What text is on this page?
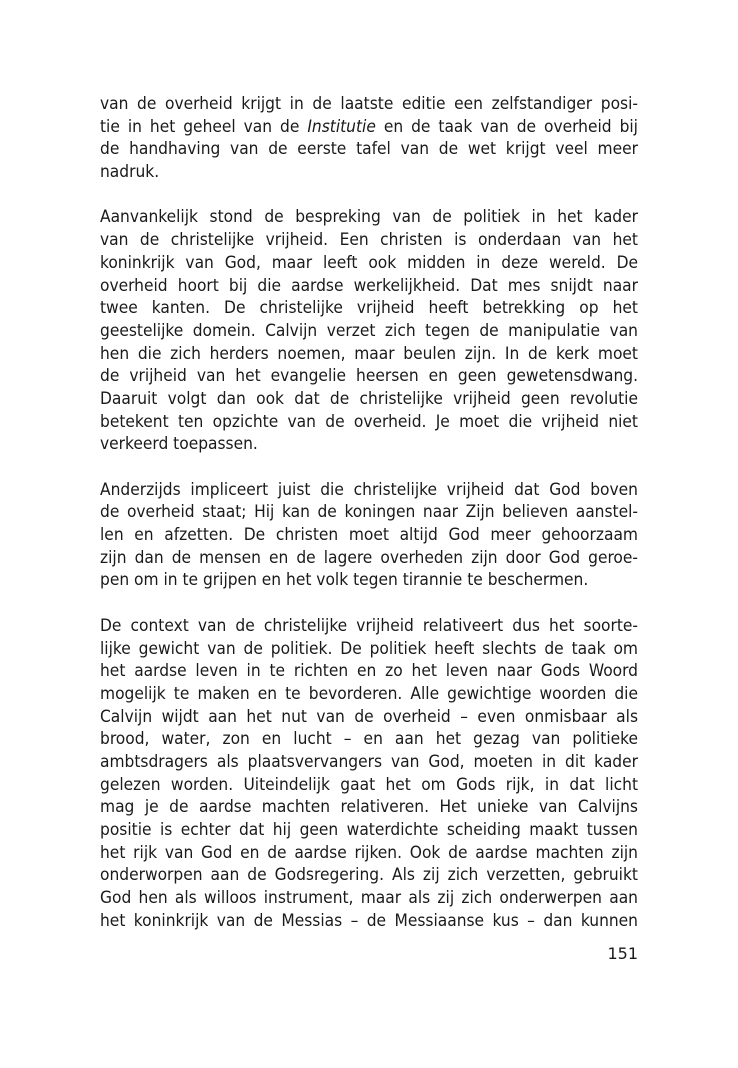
van de overheid krijgt in de laatste editie een zelfstandiger posi-
tie in het geheel van de Institutie en de taak van de overheid bij
de handhaving van de eerste tafel van de wet krijgt veel meer
nadruk.
Aanvankelijk stond de bespreking van de politiek in het kader
van de christelijke vrijheid. Een christen is onderdaan van het
koninkrijk van God, maar leeft ook midden in deze wereld. De
overheid hoort bij die aardse werkelijkheid. Dat mes snijdt naar
twee kanten. De christelijke vrijheid heeft betrekking op het
geestelijke domein. Calvijn verzet zich tegen de manipulatie van
hen die zich herders noemen, maar beulen zijn. In de kerk moet
de vrijheid van het evangelie heersen en geen gewetensdwang.
Daaruit volgt dan ook dat de christelijke vrijheid geen revolutie
betekent ten opzichte van de overheid. Je moet die vrijheid niet
verkeerd toepassen.
Anderzijds impliceert juist die christelijke vrijheid dat God boven
de overheid staat; Hij kan de koningen naar Zijn believen aanstel-
len en afzetten. De christen moet altijd God meer gehoorzaam
zijn dan de mensen en de lagere overheden zijn door God geroe-
pen om in te grijpen en het volk tegen tirannie te beschermen.
De context van de christelijke vrijheid relativeert dus het soorte-
lijke gewicht van de politiek. De politiek heeft slechts de taak om
het aardse leven in te richten en zo het leven naar Gods Woord
mogelijk te maken en te bevorderen. Alle gewichtige woorden die
Calvijn wijdt aan het nut van de overheid – even onmisbaar als
brood, water, zon en lucht – en aan het gezag van politieke
ambtsdragers als plaatsvervangers van God, moeten in dit kader
gelezen worden. Uiteindelijk gaat het om Gods rijk, in dat licht
mag je de aardse machten relativeren. Het unieke van Calvijns
positie is echter dat hij geen waterdichte scheiding maakt tussen
het rijk van God en de aardse rijken. Ook de aardse machten zijn
onderworpen aan de Godsregering. Als zij zich verzetten, gebruikt
God hen als willoos instrument, maar als zij zich onderwerpen aan
het koninkrijk van de Messias – de Messiaanse kus – dan kunnen
151
